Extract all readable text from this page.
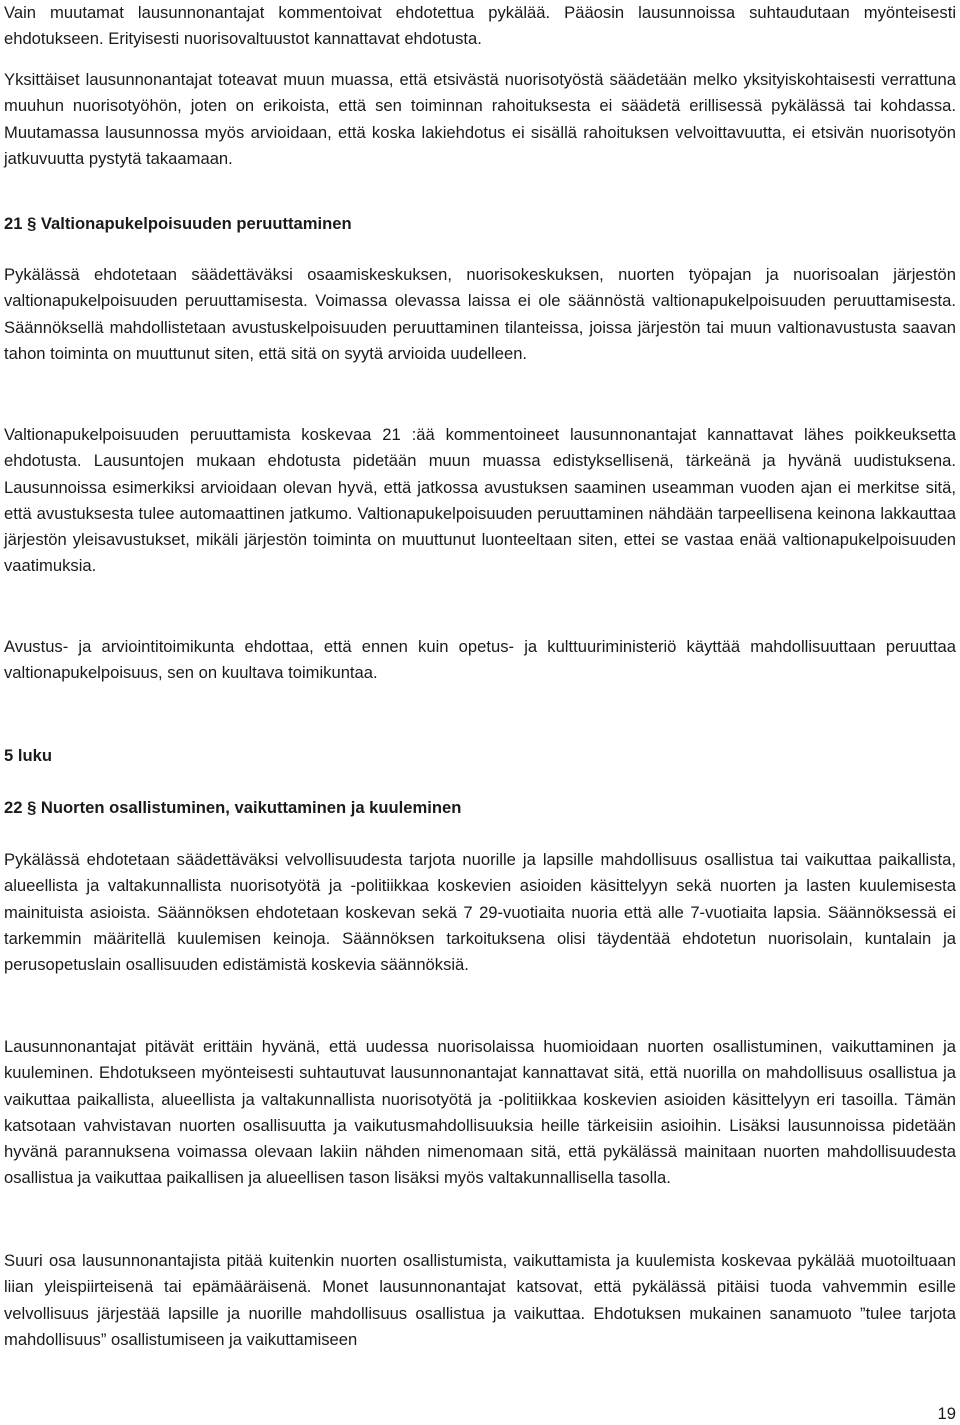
Vain muutamat lausunnonantajat kommentoivat ehdotettua pykälää. Pääosin lausunnoissa suhtaudutaan myönteisesti ehdotukseen. Erityisesti nuorisovaltuustot kannattavat ehdotusta.

Yksittäiset lausunnonantajat toteavat muun muassa, että etsivästä nuorisotyöstä säädetään melko yksityiskohtaisesti verrattuna muuhun nuorisotyöhön, joten on erikoista, että sen toiminnan rahoituksesta ei säädetä erillisessä pykälässä tai kohdassa. Muutamassa lausunnossa myös arvioidaan, että koska lakiehdotus ei sisällä rahoituksen velvoittavuutta, ei etsivän nuorisotyön jatkuvuutta pystytä takaamaan.

21 § Valtionapukelpoisuuden peruuttaminen

Pykälässä ehdotetaan säädettäväksi osaamiskeskuksen, nuorisokeskuksen, nuorten työpajan ja nuorisoalan järjestön valtionapukelpoisuuden peruuttamisesta. Voimassa olevassa laissa ei ole säännöstä valtionapukelpoisuuden peruuttamisesta. Säännöksellä mahdollistetaan avustuskelpoisuuden peruuttaminen tilanteissa, joissa järjestön tai muun valtionavustusta saavan tahon toiminta on muuttunut siten, että sitä on syytä arvioida uudelleen.

Valtionapukelpoisuuden peruuttamista koskevaa 21 :ää kommentoineet lausunnonantajat kannattavat lähes poikkeuksetta ehdotusta. Lausuntojen mukaan ehdotusta pidetään muun muassa edistyksellisenä, tärkeänä ja hyvänä uudistuksena. Lausunnoissa esimerkiksi arvioidaan olevan hyvä, että jatkossa avustuksen saaminen useamman vuoden ajan ei merkitse sitä, että avustuksesta tulee automaattinen jatkumo. Valtionapukelpoisuuden peruuttaminen nähdään tarpeellisena keinona lakkauttaa järjestön yleisavustukset, mikäli järjestön toiminta on muuttunut luonteeltaan siten, ettei se vastaa enää valtionapukelpoisuuden vaatimuksia.

Avustus- ja arviointitoimikunta ehdottaa, että ennen kuin opetus- ja kulttuuriministeriö käyttää mahdollisuuttaan peruuttaa valtionapukelpoisuus, sen on kuultava toimikuntaa.

5 luku
22 § Nuorten osallistuminen, vaikuttaminen ja kuuleminen

Pykälässä ehdotetaan säädettäväksi velvollisuudesta tarjota nuorille ja lapsille mahdollisuus osallistua tai vaikuttaa paikallista, alueellista ja valtakunnallista nuorisotyötä ja -politiikkaa koskevien asioiden käsittelyyn sekä nuorten ja lasten kuulemisesta mainituista asioista. Säännöksen ehdotetaan koskevan sekä 7 29-vuotiaita nuoria että alle 7-vuotiaita lapsia. Säännöksessä ei tarkemmin määritellä kuulemisen keinoja. Säännöksen tarkoituksena olisi täydentää ehdotetun nuorisolain, kuntalain ja perusopetuslain osallisuuden edistämistä koskevia säännöksiä.

Lausunnonantajat pitävät erittäin hyvänä, että uudessa nuorisolaissa huomioidaan nuorten osallistuminen, vaikuttaminen ja kuuleminen. Ehdotukseen myönteisesti suhtautuvat lausunnonantajat kannattavat sitä, että nuorilla on mahdollisuus osallistua ja vaikuttaa paikallista, alueellista ja valtakunnallista nuorisotyötä ja -politiikkaa koskevien asioiden käsittelyyn eri tasoilla. Tämän katsotaan vahvistavan nuorten osallisuutta ja vaikutusmahdollisuuksia heille tärkeisiin asioihin. Lisäksi lausunnoissa pidetään hyvänä parannuksena voimassa olevaan lakiin nähden nimenomaan sitä, että pykälässä mainitaan nuorten mahdollisuudesta osallistua ja vaikuttaa paikallisen ja alueellisen tason lisäksi myös valtakunnallisella tasolla.

Suuri osa lausunnonantajista pitää kuitenkin nuorten osallistumista, vaikuttamista ja kuulemista koskevaa pykälää muotoiltuaan liian yleispiirteisenä tai epämääräisenä. Monet lausunnonantajat katsovat, että pykälässä pitäisi tuoda vahvemmin esille velvollisuus järjestää lapsille ja nuorille mahdollisuus osallistua ja vaikuttaa. Ehdotuksen mukainen sanamuoto ”tulee tarjota mahdollisuus” osallistumiseen ja vaikuttamiseen

19
